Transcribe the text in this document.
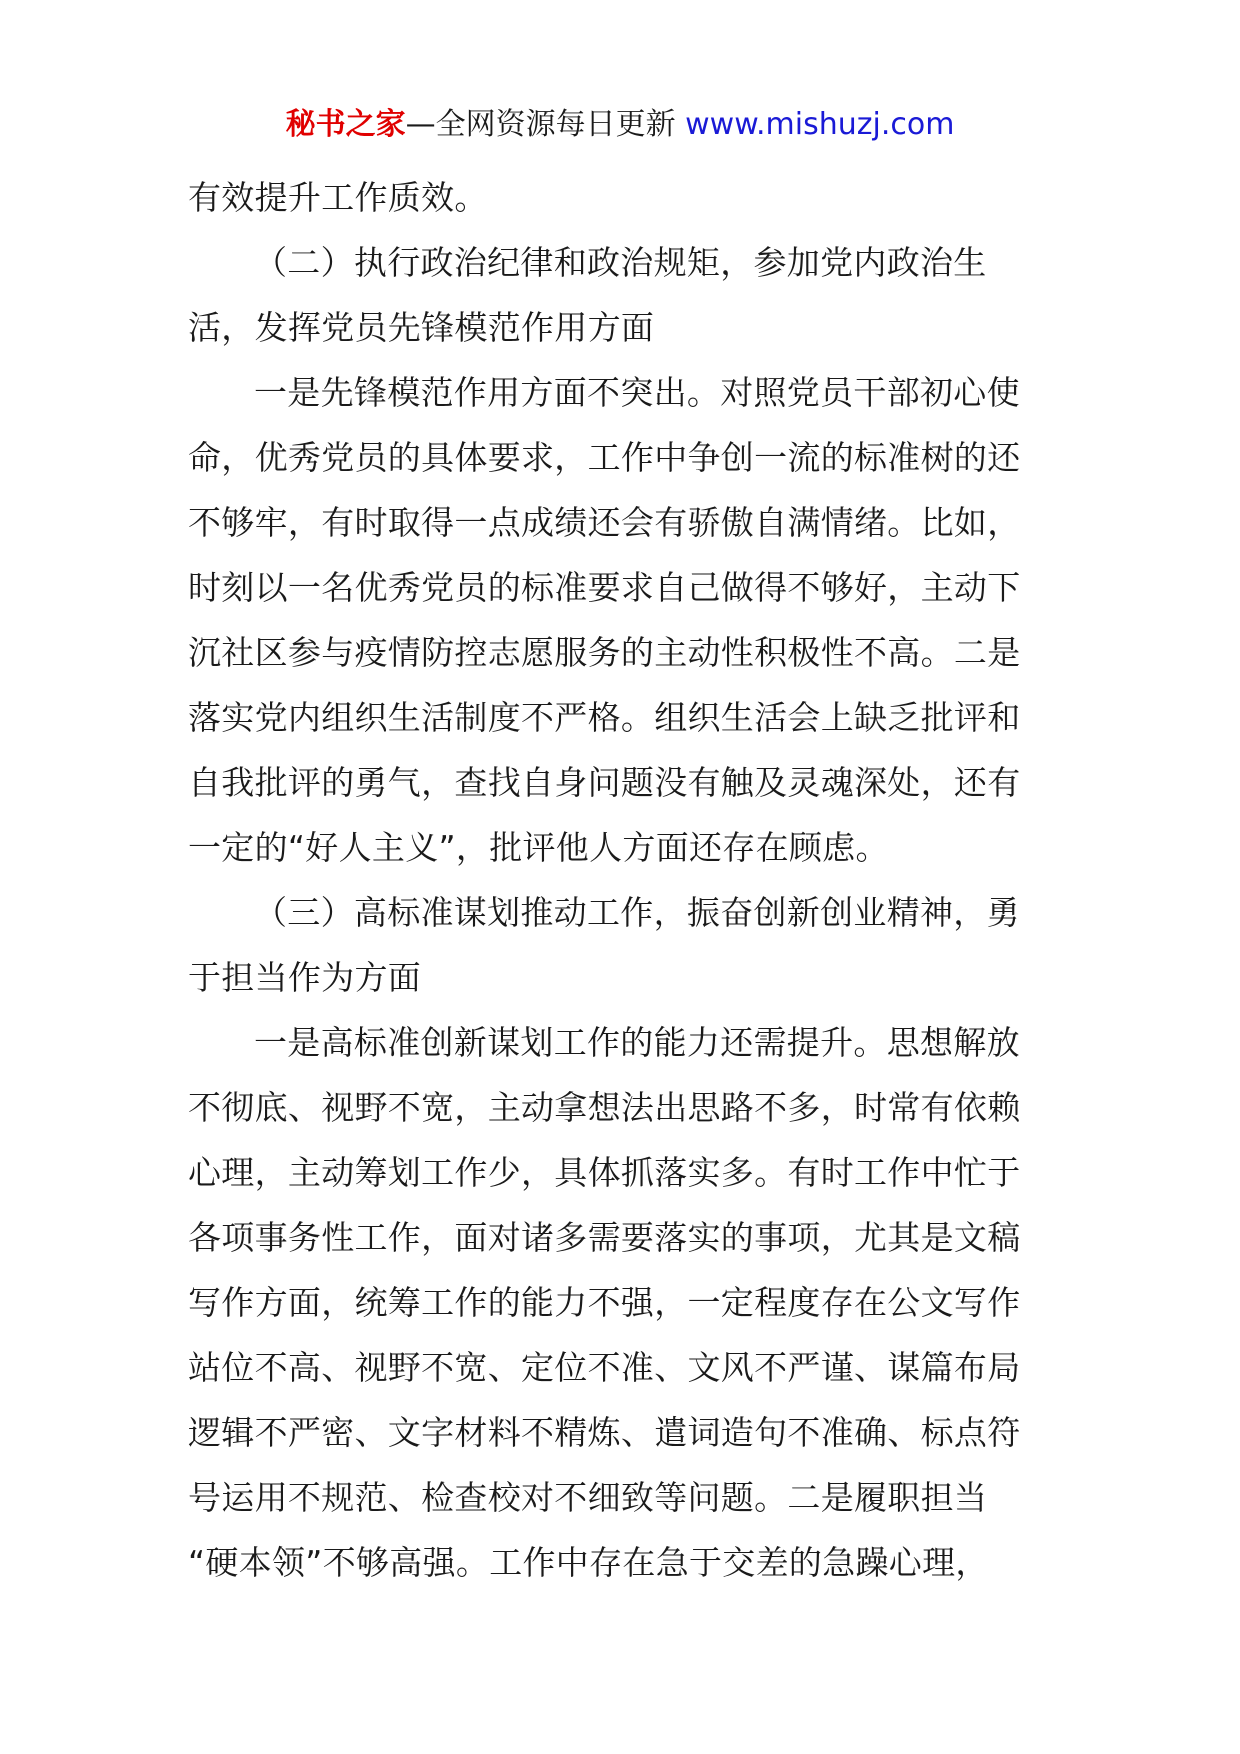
秘书之家—全网资源每日更新 www.mishuzj.com
有效提升工作质效。
（二）执行政治纪律和政治规矩，参加党内政治生
活，发挥党员先锋模范作用方面
一是先锋模范作用方面不突出。对照党员干部初心使
命，优秀党员的具体要求，工作中争创一流的标准树的还
不够牢，有时取得一点成绩还会有骄傲自满情绪。比如，
时刻以一名优秀党员的标准要求自己做得不够好，主动下
沉社区参与疫情防控志愿服务的主动性积极性不高。二是
落实党内组织生活制度不严格。组织生活会上缺乏批评和
自我批评的勇气，查找自身问题没有触及灵魂深处，还有
一定的“好人主义”，批评他人方面还存在顾虑。
（三）高标准谋划推动工作，振奋创新创业精神，勇
于担当作为方面
一是高标准创新谋划工作的能力还需提升。思想解放
不彻底、视野不宽，主动拿想法出思路不多，时常有依赖
心理，主动筹划工作少，具体抓落实多。有时工作中忙于
各项事务性工作，面对诸多需要落实的事项，尤其是文稿
写作方面，统筹工作的能力不强，一定程度存在公文写作
站位不高、视野不宽、定位不准、文风不严谨、谋篇布局
逻辑不严密、文字材料不精炼、遣词造句不准确、标点符
号运用不规范、检查校对不细致等问题。二是履职担当
“硬本领”不够高强。工作中存在急于交差的急躁心理，
